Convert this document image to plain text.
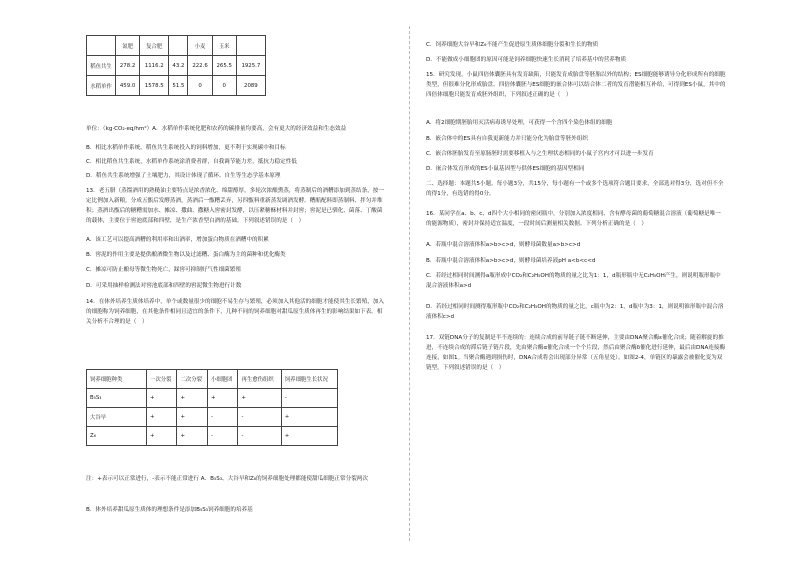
	氮肥	复合肥		小麦	玉米	
稻鱼共生	278.2	1116.2	43.2	222.6	265.5	1925.7
水稻单作	459.0	1578.5	51.5	0	0	2089
单位：（kg·CO₂·eq/hm²）A．水稻单作系统化肥和农药的碳排量均要高，会有更大的经济效益和生态效益
B．相比水稻单作系统，稻鱼共生系统投入的饲料增加，更不利于实现碳中和目标
C．相比稻鱼共生系统，水稻单作系统涂消费者群，自我调节能力差，抵抗力稳定性低
D．稻鱼共生系统增强了土壤肥力，其设计体现了循环、自生等生态学基本原理
13．老五腊（蒸馏酒用的熟糙油主要特点是浓香浓化、绵甜醇厚，多轮次浓酿熏蒸，将蒸制后的酒糟添加到蒸结条，按一定比例加入新粮，分成五甑后发酵蒸酒，蒸酒后一甑糟丢弃，另四甑料重新蒸发调酒发酵。糟醅配料即蒸制料、拌匀并堆积；蒸酒出甑后的糖糟需加水、摊凉、撒曲、撒糖入窖密封发酵，以压紧糖酥材料并封窖；窖泥是已驯化、菌落、丁酸菌的载体，主要位于窖池底部和四壁，是生产浓香型白酒的基础。下列叙述错误的是（　）
A．该工艺可以提高酒糟的利用率和出酒率，增加蛋白物质在酒糟中的积累
B．窖泥的作用主要是提供酿酒微生物以及过滤糟、蛋白酶为主的菌种和优化酶类
C．摊凉可防止酿母等微生物死亡，踩窖可抑制好气性细菌繁殖
D．可采用抽样检测法对窖池底部和四壁的窖泥微生物进行计数
14．在体外培养生质体培养中，单个或数量很少的细胞不易生存与繁殖，必须加入其他活的细胞才能使其生长繁殖，加入的细胞称为饲养细胞，在其他条件相同且适宜的条件下，几种不同的饲养细胞对甜瓜原生质体再生的影响结果如下表。相关分析不合理的是（　）
饲养细胞种类	一次分裂	二次分裂	小细胞团	再生愈伤组织	饲养细胞生长状况
B₅S₃	+	+	+	+	-
大谷早	+	+	-	-	+
Z₆	+	+	-	-	+
注：+表示可以正常进行，-表示不能正常进行 A．B₅S₃、大谷早和Z₆的饲养细胞处理都能使甜瓜细胞正常分裂两次
B．体外培养甜瓜原生质体的理想条件是添加B₅S₃饲养细胞的培养基
C．饲养细胞大谷早和Z₆不能产生促进原生质体细胞分裂和生长的物质
D．不能做成小细胞团的原因可能是饲养细胞快速生长消耗了培养基中的营养物质
15．研究发现，小鼠四倍体囊胚具有发育缺陷，只能发育成胎盘等胚胎以外的结构；ES细胞能够诱导分化形成所有的细胞类型，但很难分化形成胎盘。四倍体囊胚与ES细胞的嵌合体可以结合体二者的发育潜能相互补给，可得到ES小鼠，其中的四倍体细胞只能发育成胚外组织，下列叙述正确的是（　）
A．将2细胞期胚胎用灭活病毒诱导处理，可获得一个含四个染色体组的细胞
B．嵌合体中的ES具有自我更新能力并只能分化为胎盘等胚外组织
C．嵌合体胚胎发育至原肠胚时需要移植入与之生理状态相同的小鼠子宫内才可以进一步发育
D．嵌合体发育形成的ES小鼠基因型与供体ES细胞的基因型相同
二、选择题：本题共5小题，每小题3分，共15分，每小题有一个或多个选项符合题目要求，全部选对得3分，选对但不全的得1分，有选错的得0分。
16．某同学在a、b、c、d四个大小相同的密闭瓶中，分别加入浓度相同、含有酵母菌的葡萄糖混合溶液（葡萄糖是唯一的能源物质），密封并保持适宜温度，一段时间后测量相关数据。下列分析正确的是（　）
A．若瓶中混合溶液体积a>b>c>d，则酵母菌数量a>b>c>d
B．若瓶中混合溶液体积a>b>c>d，则酵母菌培养液pH a<b<c<d
C．若经过相同时间测得a瓶形成中CO₂和C₂H₅OH的物质的量之比为1：1，d瓶形瓶中无C₂H₅OH产生，则说明瓶形瓶中混合溶液体积a>d
D．若经过相同时间测得瓶形瓶中CO₂和C₂H₅OH的物质的量之比，c瓶中为2：1，d瓶中为3：1，则说明锥形瓶中混合溶液体积c>d
17．双链DNA分子的复制是半不连续的：连续合成的前导链子链不断延伸，主要由DNA聚合酶ε催化合成；随着解旋的推进，不连续合成的滞后链子链片段，先由聚合酶α催化合成一个个片段，然后由聚合酶δ催化进行延伸，最后由DNA连接酶连接，如图1。当聚合酶遇到损伤时，DNA合成将会出现部分异常（五角星处）。如图2-4，单链区的暴露会被催化变为双链型。下列叙述错误的是（　）
